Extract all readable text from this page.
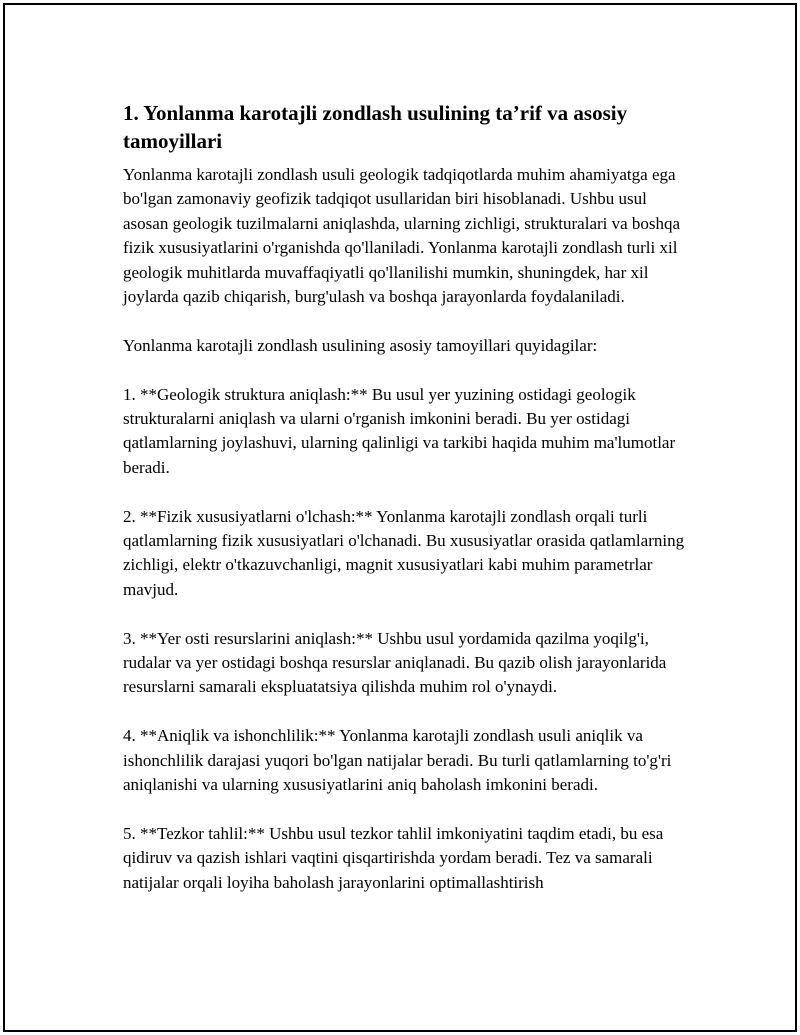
1. Yonlanma karotajli zondlash usulining ta’rif va asosiy tamoyillari

Yonlanma karotajli zondlash usuli geologik tadqiqotlarda muhim ahamiyatga ega bo'lgan zamonaviy geofizik tadqiqot usullaridan biri hisoblanadi. Ushbu usul asosan geologik tuzilmalarni aniqlashda, ularning zichligi, strukturalari va boshqa fizik xususiyatlarini o'rganishda qo'llaniladi. Yonlanma karotajli zondlash turli xil geologik muhitlarda muvaffaqiyatli qo'llanilishi mumkin, shuningdek, har xil joylarda qazib chiqarish, burg'ulash va boshqa jarayonlarda foydalaniladi.

Yonlanma karotajli zondlash usulining asosiy tamoyillari quyidagilar:

1. **Geologik struktura aniqlash:** Bu usul yer yuzining ostidagi geologik strukturalarni aniqlash va ularni o'rganish imkonini beradi. Bu yer ostidagi qatlamlarning joylashuvi, ularning qalinligi va tarkibi haqida muhim ma'lumotlar beradi.

2. **Fizik xususiyatlarni o'lchash:** Yonlanma karotajli zondlash orqali turli qatlamlarning fizik xususiyatlari o'lchanadi. Bu xususiyatlar orasida qatlamlarning zichligi, elektr o'tkazuvchanligi, magnit xususiyatlari kabi muhim parametrlar mavjud.

3. **Yer osti resurslarini aniqlash:** Ushbu usul yordamida qazilma yoqilg'i, rudalar va yer ostidagi boshqa resurslar aniqlanadi. Bu qazib olish jarayonlarida resurslarni samarali ekspluatatsiya qilishda muhim rol o'ynaydi.

4. **Aniqlik va ishonchlilik:** Yonlanma karotajli zondlash usuli aniqlik va ishonchlilik darajasi yuqori bo'lgan natijalar beradi. Bu turli qatlamlarning to'g'ri aniqlanishi va ularning xususiyatlarini aniq baholash imkonini beradi.

5. **Tezkor tahlil:** Ushbu usul tezkor tahlil imkoniyatini taqdim etadi, bu esa qidiruv va qazish ishlari vaqtini qisqartirishda yordam beradi. Tez va samarali natijalar orqali loyiha baholash jarayonlarini optimallashtirish
